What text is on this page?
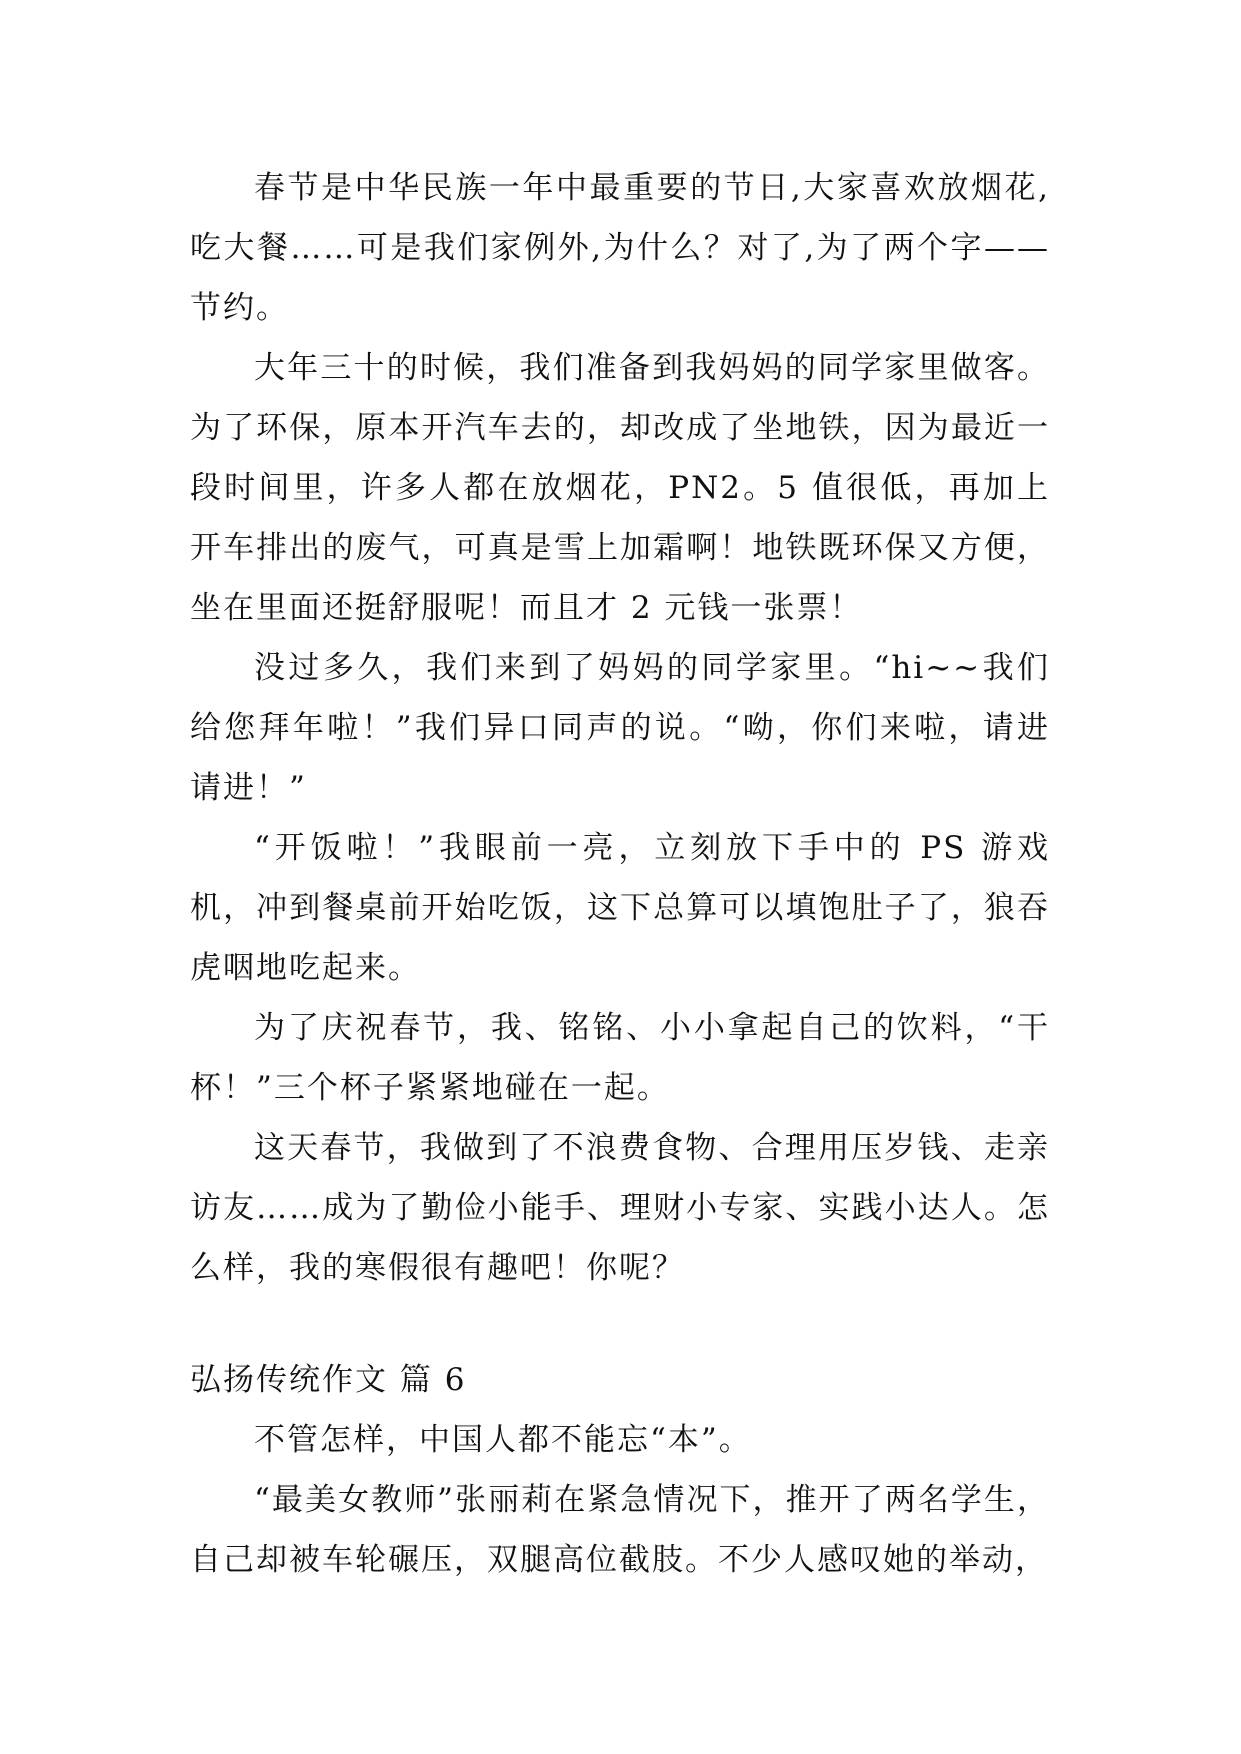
春节是中华民族一年中最重要的节日,大家喜欢放烟花,吃大餐……可是我们家例外,为什么？对了,为了两个字——节约。

大年三十的时候，我们准备到我妈妈的同学家里做客。为了环保，原本开汽车去的，却改成了坐地铁，因为最近一段时间里，许多人都在放烟花，PN2。5 值很低，再加上开车排出的废气，可真是雪上加霜啊！地铁既环保又方便，坐在里面还挺舒服呢！而且才 2 元钱一张票！

没过多久，我们来到了妈妈的同学家里。“hi~~我们给您拜年啦！”我们异口同声的说。“呦，你们来啦，请进请进！”

“开饭啦！”我眼前一亮，立刻放下手中的 PS 游戏机，冲到餐桌前开始吃饭，这下总算可以填饱肚子了，狼吞虎咽地吃起来。

为了庆祝春节，我、铭铭、小小拿起自己的饮料，“干杯！”三个杯子紧紧地碰在一起。

这天春节，我做到了不浪费食物、合理用压岁钱、走亲访友……成为了勤俭小能手、理财小专家、实践小达人。怎么样，我的寒假很有趣吧！你呢？

弘扬传统作文 篇 6

不管怎样，中国人都不能忘“本”。

“最美女教师”张丽莉在紧急情况下，推开了两名学生，自己却被车轮碾压，双腿高位截肢。不少人感叹她的举动，
